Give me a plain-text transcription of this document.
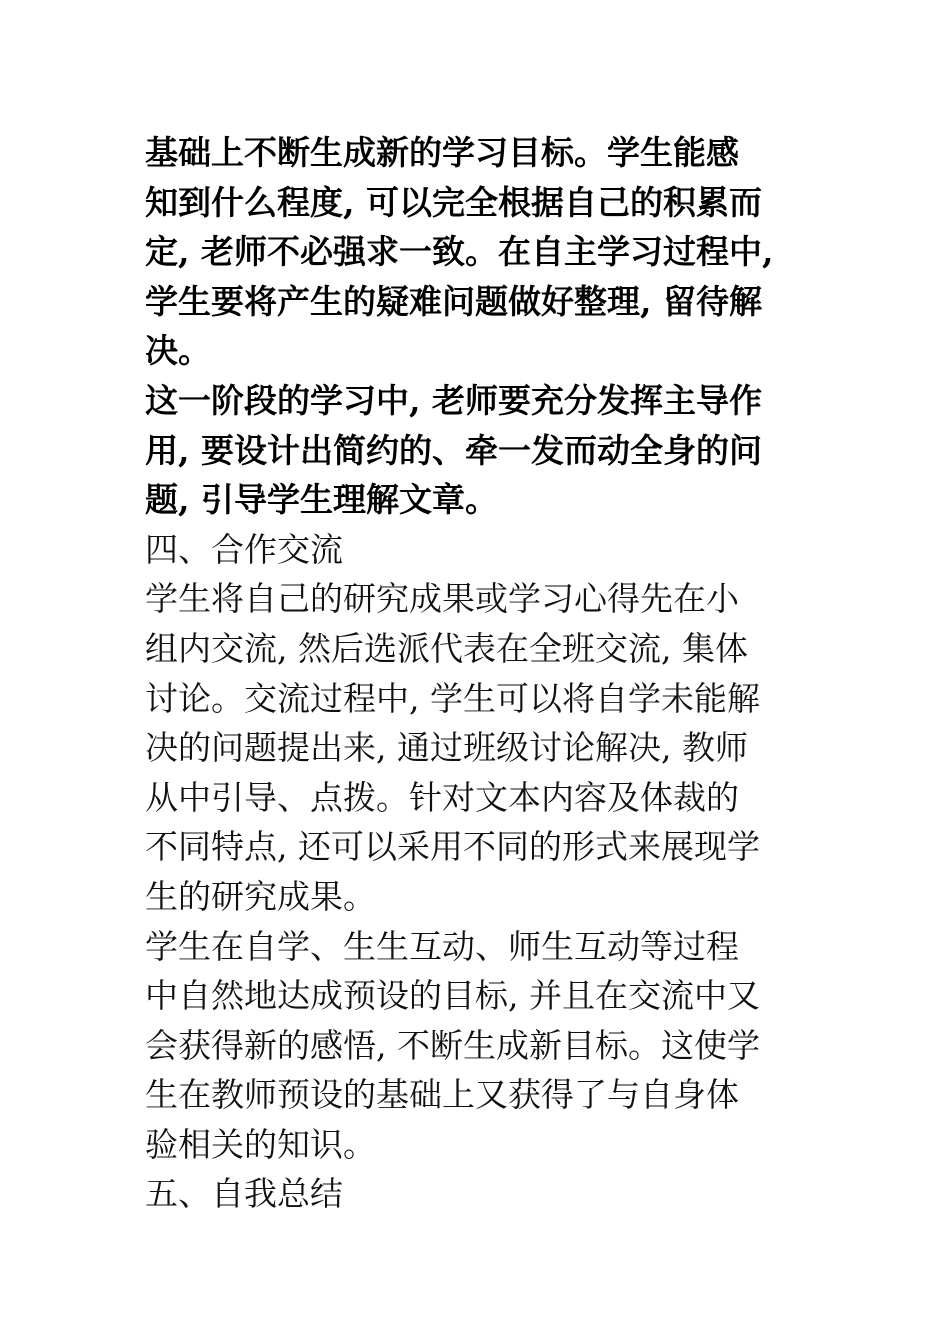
基础上不断生成新的学习目标。学生能感
知到什么程度, 可以完全根据自己的积累而
定, 老师不必强求一致。在自主学习过程中,
学生要将产生的疑难问题做好整理, 留待解
决。

这一阶段的学习中, 老师要充分发挥主导作
用, 要设计出简约的、牵一发而动全身的问
题, 引导学生理解文章。

四、合作交流

学生将自己的研究成果或学习心得先在小
组内交流, 然后选派代表在全班交流, 集体
讨论。交流过程中, 学生可以将自学未能解
决的问题提出来, 通过班级讨论解决, 教师
从中引导、点拨。针对文本内容及体裁的
不同特点, 还可以采用不同的形式来展现学
生的研究成果。

学生在自学、生生互动、师生互动等过程
中自然地达成预设的目标, 并且在交流中又
会获得新的感悟, 不断生成新目标。这使学
生在教师预设的基础上又获得了与自身体
验相关的知识。

五、自我总结
